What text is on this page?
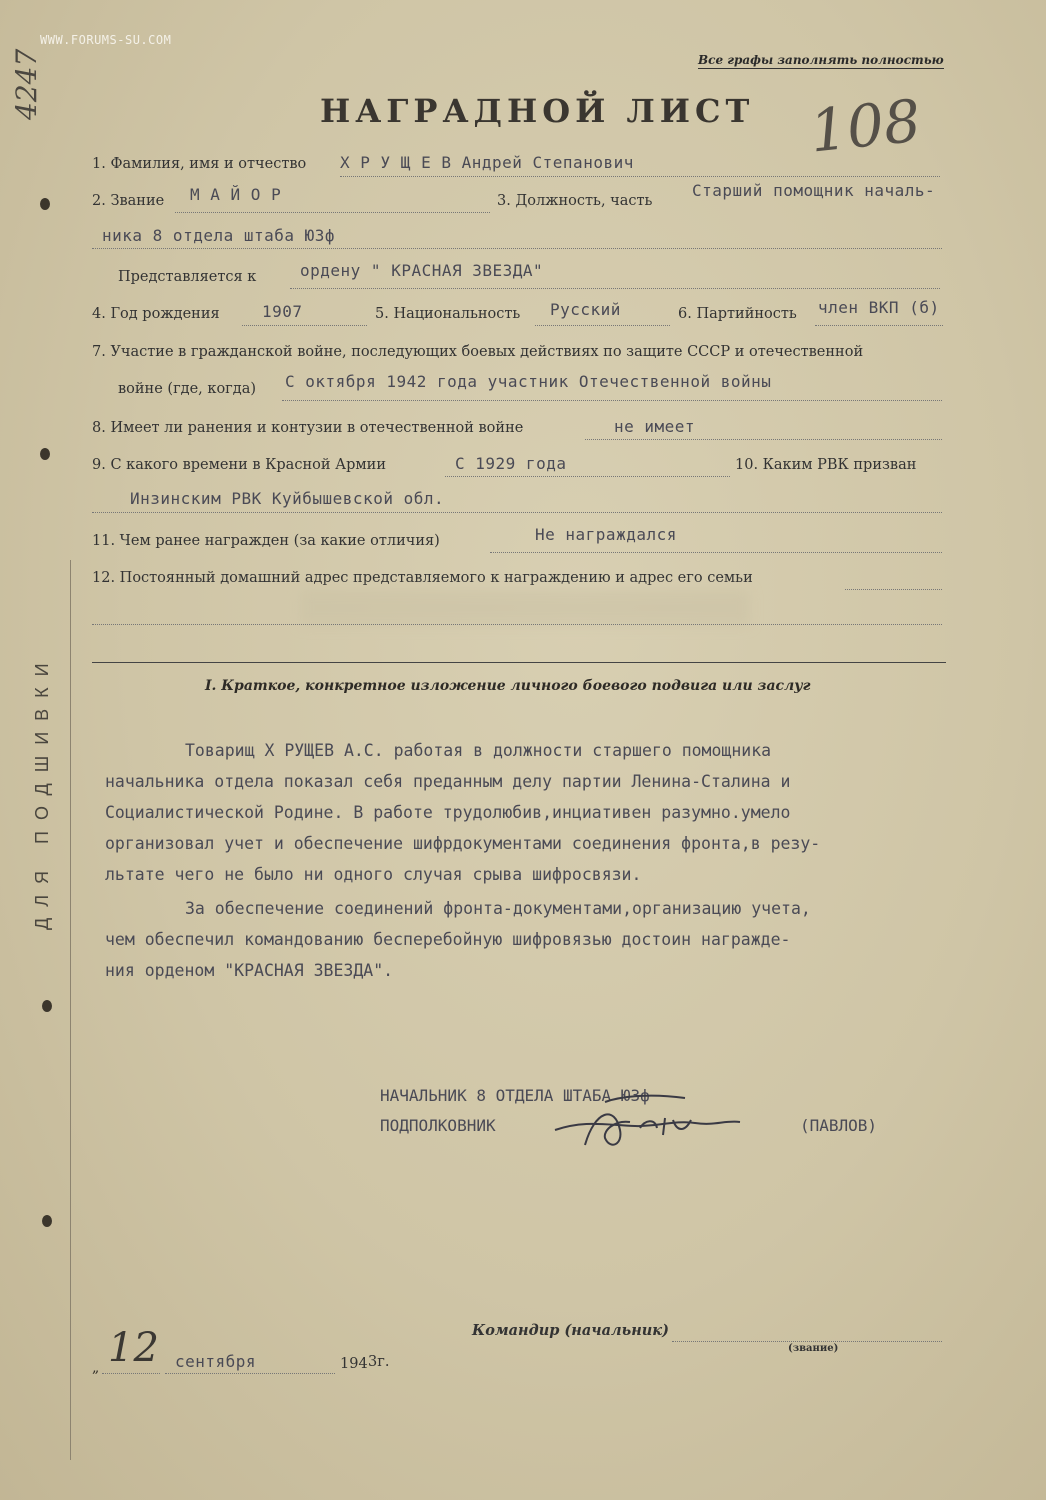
WWW.FORUMS-SU.COM
Все графы заполнять полностью
НАГРАДНОЙ ЛИСТ 108
4247
ДЛЯ ПОДШИВКИ
1. Фамилия, имя и отчество Х Р У Щ Е В Андрей Степанович
2. Звание М А Й О Р	3. Должность, часть
Старший помощник началь-
ника 8 отдела штаба ЮЗф
Представляется к	ордену " КРАСНАЯ ЗВЕЗДА"
4. Год рождения	1907	5. Национальность Русский	6. Партийность член ВКП (б)
7. Участие в гражданской войне, последующих боевых действиях по защите СССР и отечественной
войне (где, когда) С октября 1942 года участник Отечественной войны
8. Имеет ли ранения и контузии в отечественной войне	не имеет
9. С какого времени в Красной Армии	С 1929 года	10. Каким РВК призван
Инзинским РВК Куйбышевской обл.
11. Чем ранее награжден (за какие отличия)	Не награждался
12. Постоянный домашний адрес представляемого к награждению и адрес его семьи
I. Краткое, конкретное изложение личного боевого подвига или заслуг
Товарищ Х РУЩЕВ А.С. работая в должности старшего помощника
начальника отдела показал себя преданным делу партии Ленина-Сталина и
Социалистической Родине. В работе трудолюбив,инциативен разумно.умело
организовал учет и обеспечение шифрдокументами соединения фронта,в резу-
льтате чего не было ни одного случая срыва шифросвязи.
За обеспечение соединений фронта-документами,организацию учета,
чем обеспечил командованию бесперебойную шифровязью достоин награжде-
ния орденом "КРАСНАЯ ЗВЕЗДА".
НАЧАЛЬНИК 8 ОТДЕЛА ШТАБА ЮЗф
ПОДПОЛКОВНИК	(ПАВЛОВ)
Командир (начальник)
(звание)
„ 12 сентября	194 3г.
